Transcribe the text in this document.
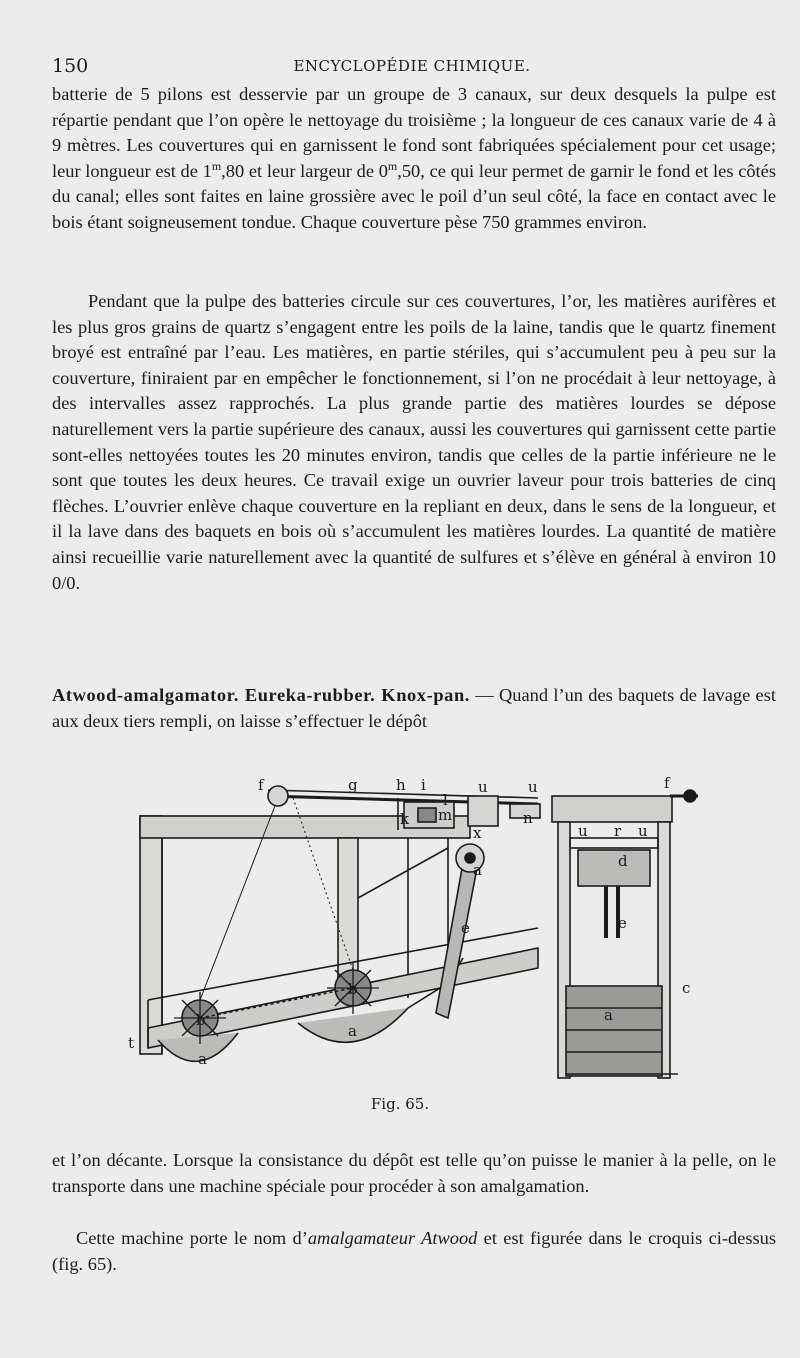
150	ENCYCLOPÉDIE CHIMIQUE.

batterie de 5 pilons est desservie par un groupe de 3 canaux, sur deux desquels la pulpe est répartie pendant que l’on opère le nettoyage du troisième ; la longueur de ces canaux varie de 4 à 9 mètres. Les couvertures qui en garnissent le fond sont fabriquées spécialement pour cet usage; leur longueur est de 1$^m$,80 et leur largeur de 0$^m$,50, ce qui leur permet de garnir le fond et les côtés du canal; elles sont faites en laine grossière avec le poil d’un seul côté, la face en contact avec le bois étant soigneusement tondue. Chaque couverture pèse 750 grammes environ.

Pendant que la pulpe des batteries circule sur ces couvertures, l’or, les matières aurifères et les plus gros grains de quartz s’engagent entre les poils de la laine, tandis que le quartz finement broyé est entraîné par l’eau. Les matières, en partie stériles, qui s’accumulent peu à peu sur la couverture, finiraient par en empêcher le fonctionnement, si l’on ne procédait à leur nettoyage, à des intervalles assez rapprochés. La plus grande partie des matières lourdes se dépose naturellement vers la partie supérieure des canaux, aussi les couvertures qui garnissent cette partie sont-elles nettoyées toutes les 20 minutes environ, tandis que celles de la partie inférieure ne le sont que toutes les deux heures. Ce travail exige un ouvrier laveur pour trois batteries de cinq flèches. L’ouvrier enlève chaque couverture en la repliant en deux, dans le sens de la longueur, et il la lave dans des baquets en bois où s’accumulent les matières lourdes. La quantité de matière ainsi recueillie varie naturellement avec la quantité de sulfures et s’élève en général à environ 10 0/0.

Atwood-amalgamator. Eureka-rubber. Knox-pan. — Quand l’un des baquets de lavage est aux deux tiers rempli, on laisse s’effectuer le dépôt

f	g	h i	u	u
l
k m	n
x
a
e
b
b
a
a
t
f
u r u
d
e
c
a
Fig. 65.

et l’on décante. Lorsque la consistance du dépôt est telle qu’on puisse le manier à la pelle, on le transporte dans une machine spéciale pour procéder à son amalgamation.

Cette machine porte le nom d’amalgamateur Atwood et est figurée dans le croquis ci-dessus (fig. 65).
